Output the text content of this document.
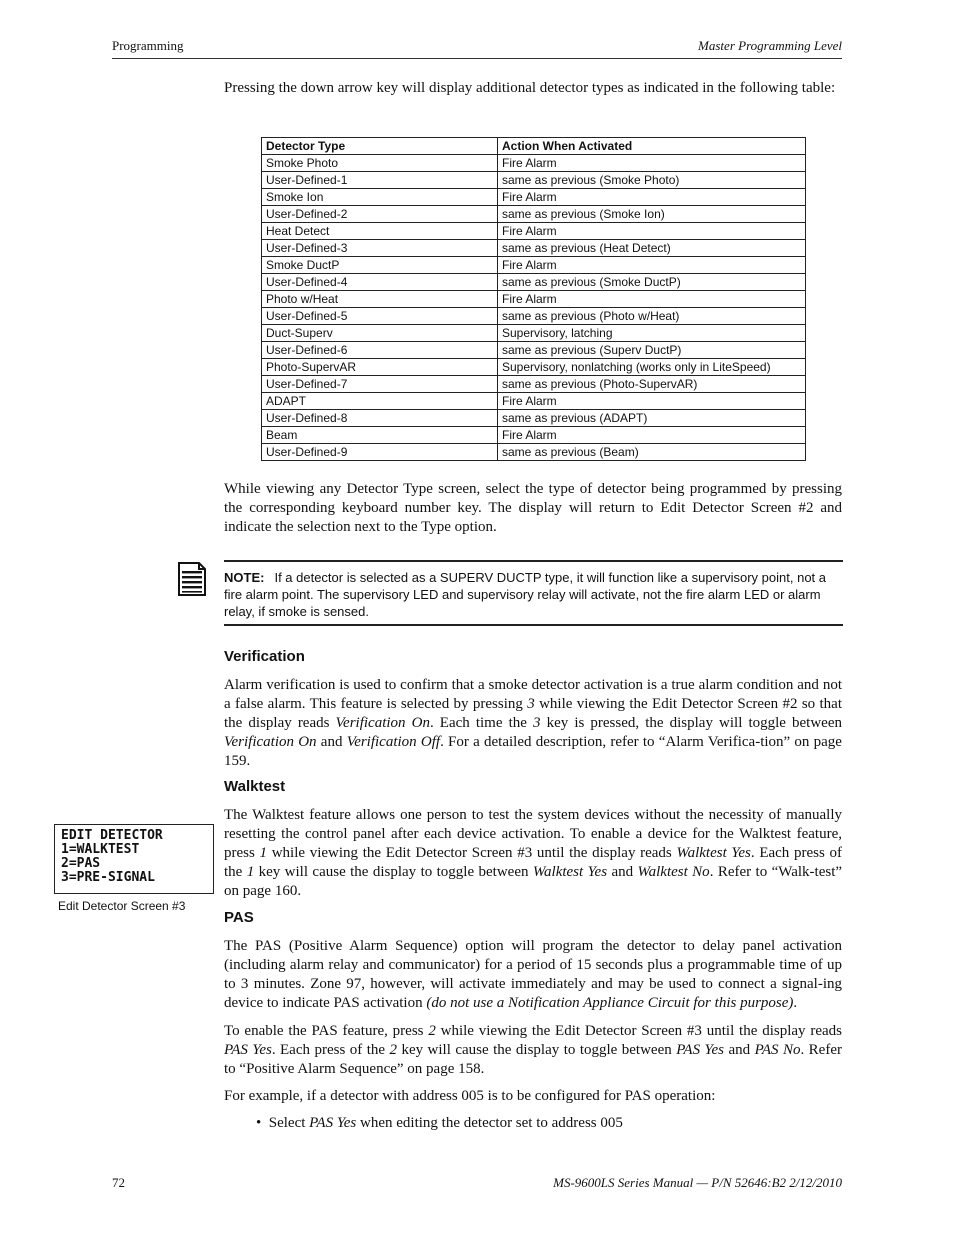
Programming	Master Programming Level
Pressing the down arrow key will display additional detector types as indicated in the following table:
Detector Type	Action When Activated
Smoke Photo	Fire Alarm
User-Defined-1	same as previous (Smoke Photo)
Smoke Ion	Fire Alarm
User-Defined-2	same as previous (Smoke Ion)
Heat Detect	Fire Alarm
User-Defined-3	same as previous (Heat Detect)
Smoke DuctP	Fire Alarm
User-Defined-4	same as previous (Smoke DuctP)
Photo w/Heat	Fire Alarm
User-Defined-5	same as previous (Photo w/Heat)
Duct-Superv	Supervisory, latching
User-Defined-6	same as previous (Superv DuctP)
Photo-SupervAR	Supervisory, nonlatching (works only in LiteSpeed)
User-Defined-7	same as previous (Photo-SupervAR)
ADAPT	Fire Alarm
User-Defined-8	same as previous (ADAPT)
Beam	Fire Alarm
User-Defined-9	same as previous (Beam)
While viewing any Detector Type screen, select the type of detector being programmed by pressing the corresponding keyboard number key. The display will return to Edit Detector Screen #2 and indicate the selection next to the Type option.
NOTE: If a detector is selected as a SUPERV DUCTP type, it will function like a supervisory point, not a fire alarm point. The supervisory LED and supervisory relay will activate, not the fire alarm LED or alarm relay, if smoke is sensed.
Verification
Alarm verification is used to confirm that a smoke detector activation is a true alarm condition and not a false alarm. This feature is selected by pressing 3 while viewing the Edit Detector Screen #2 so that the display reads Verification On. Each time the 3 key is pressed, the display will toggle between Verification On and Verification Off. For a detailed description, refer to “Alarm Verifica-tion” on page 159.
Walktest
The Walktest feature allows one person to test the system devices without the necessity of manually resetting the control panel after each device activation. To enable a device for the Walktest feature, press 1 while viewing the Edit Detector Screen #3 until the display reads Walktest Yes. Each press of the 1 key will cause the display to toggle between Walktest Yes and Walktest No. Refer to “Walk-test” on page 160.
EDIT DETECTOR
1=WALKTEST
2=PAS
3=PRE-SIGNAL
Edit Detector Screen #3
PAS
The PAS (Positive Alarm Sequence) option will program the detector to delay panel activation (including alarm relay and communicator) for a period of 15 seconds plus a programmable time of up to 3 minutes. Zone 97, however, will activate immediately and may be used to connect a signal-ing device to indicate PAS activation (do not use a Notification Appliance Circuit for this purpose).
To enable the PAS feature, press 2 while viewing the Edit Detector Screen #3 until the display reads PAS Yes. Each press of the 2 key will cause the display to toggle between PAS Yes and PAS No. Refer to “Positive Alarm Sequence” on page 158.
For example, if a detector with address 005 is to be configured for PAS operation:
•  Select PAS Yes when editing the detector set to address 005
72	MS-9600LS Series Manual — P/N 52646:B2 2/12/2010
